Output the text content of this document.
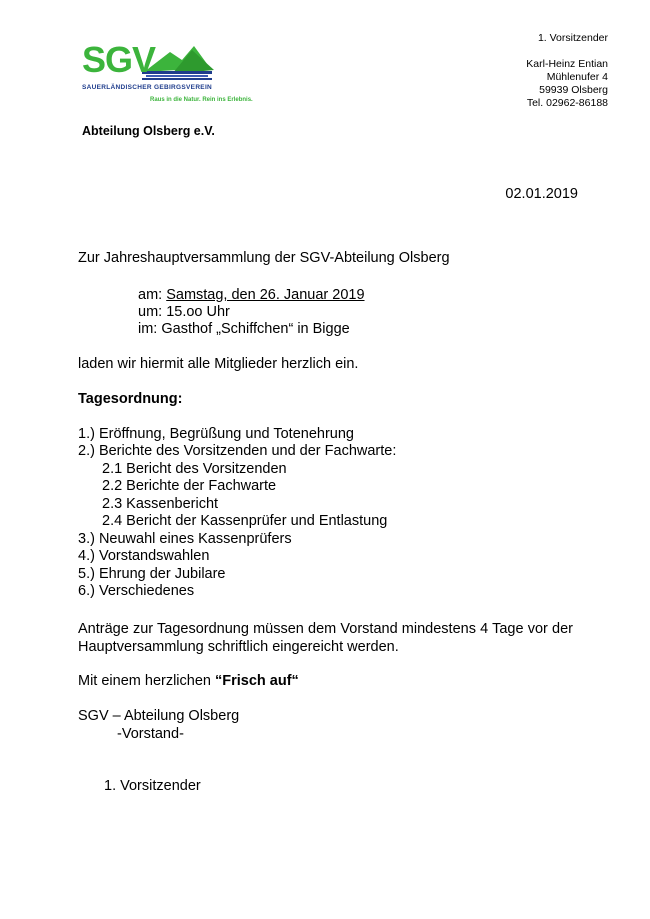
SGV
SAUERLÄNDISCHER GEBIRGSVEREIN
Raus in die Natur. Rein ins Erlebnis.
1. Vorsitzender
Karl-Heinz Entian
Mühlenufer 4
59939 Olsberg
Tel. 02962-86188
Abteilung Olsberg e.V.
02.01.2019
Zur Jahreshauptversammlung der SGV-Abteilung Olsberg
am: Samstag, den 26. Januar 2019
um: 15.oo Uhr
im: Gasthof „Schiffchen“ in Bigge
laden wir hiermit alle Mitglieder herzlich ein.
Tagesordnung:
1.) Eröffnung, Begrüßung und Totenehrung
2.) Berichte des Vorsitzenden und der Fachwarte:
2.1 Bericht des Vorsitzenden
2.2 Berichte der Fachwarte
2.3 Kassenbericht
2.4 Bericht der Kassenprüfer und Entlastung
3.) Neuwahl eines Kassenprüfers
4.) Vorstandswahlen
5.) Ehrung der Jubilare
6.) Verschiedenes
Anträge zur Tagesordnung müssen dem Vorstand mindestens 4 Tage vor der Hauptversammlung schriftlich eingereicht werden.
Mit einem herzlichen “Frisch auf“
SGV – Abteilung Olsberg
-Vorstand-
1. Vorsitzender
